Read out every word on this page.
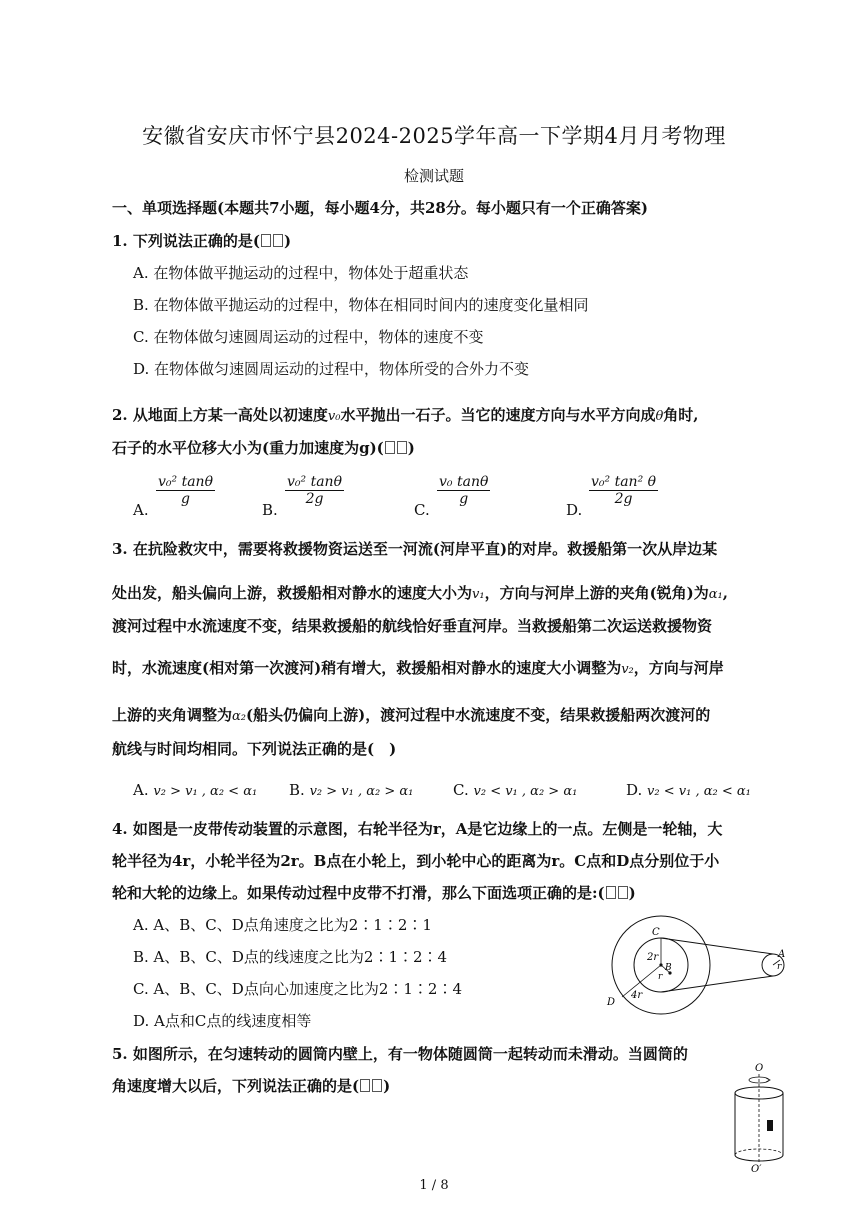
安徽省安庆市怀宁县2024-2025学年高一下学期4月月考物理
检测试题
一、单项选择题(本题共7小题，每小题4分，共28分。每小题只有一个正确答案)
1. 下列说法正确的是( )
A. 在物体做平抛运动的过程中，物体处于超重状态
B. 在物体做平抛运动的过程中，物体在相同时间内的速度变化量相同
C. 在物体做匀速圆周运动的过程中，物体的速度不变
D. 在物体做匀速圆周运动的过程中，物体所受的合外力不变
2. 从地面上方某一高处以初速度v₀水平抛出一石子。当它的速度方向与水平方向成θ角时,
石子的水平位移大小为(重力加速度为g)( )
A.
$\frac{\text{v₀² tanθ}}{g}$
B.
$\frac{\text{v₀² tanθ}}{2g}$
C.
$\frac{\text{v₀ tanθ}}{g}$
D.
$\frac{\text{v₀² tan² θ}}{2g}$
3. 在抗险救灾中，需要将救援物资运送至一河流(河岸平直)的对岸。救援船第一次从岸边某
处出发，船头偏向上游，救援船相对静水的速度大小为v₁，方向与河岸上游的夹角(锐角)为α₁,
渡河过程中水流速度不变，结果救援船的航线恰好垂直河岸。当救援船第二次运送救援物资
时，水流速度(相对第一次渡河)稍有增大，救援船相对静水的速度大小调整为v₂，方向与河岸
上游的夹角调整为α₂(船头仍偏向上游)，渡河过程中水流速度不变，结果救援船两次渡河的
航线与时间均相同。下列说法正确的是(　)
A. v₂ > v₁ , α₂ < α₁ B. v₂ > v₁ , α₂ > α₁	C. v₂ < v₁ , α₂ > α₁	D. v₂ < v₁ , α₂ < α₁
4. 如图是一皮带传动装置的示意图，右轮半径为r，A是它边缘上的一点。左侧是一轮轴，大
轮半径为4r，小轮半径为2r。B点在小轮上，到小轮中心的距离为r。C点和D点分别位于小
轮和大轮的边缘上。如果传动过程中皮带不打滑，那么下面选项正确的是:( )
A. A、B、C、D点角速度之比为2∶1∶2∶1
B. A、B、C、D点的线速度之比为2∶1∶2∶4
C. A、B、C、D点向心加速度之比为2∶1∶2∶4
D. A点和C点的线速度相等
C
2r
B
r
4r
D
A
r
5. 如图所示，在匀速转动的圆筒内壁上，有一物体随圆筒一起转动而未滑动。当圆筒的
角速度增大以后，下列说法正确的是( )
O
O′
1 / 8
